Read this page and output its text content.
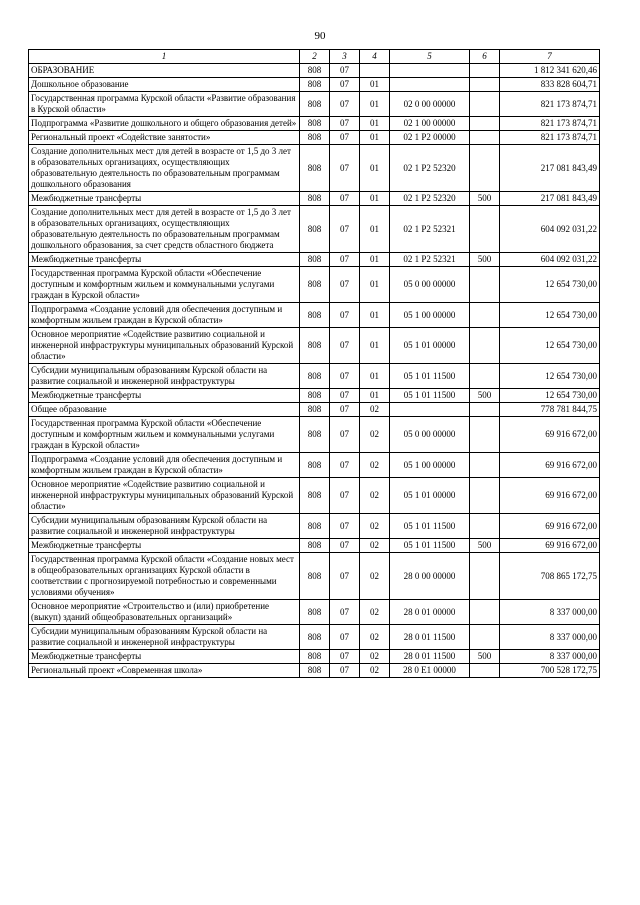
90
1	2	3	4	5	6	7
ОБРАЗОВАНИЕ	808	07				1 812 341 620,46
Дошкольное образование	808	07	01			833 828 604,71
Государственная программа Курской области «Развитие образования в Курской области»	808	07	01	02 0 00 00000		821 173 874,71
Подпрограмма «Развитие дошкольного и общего образования детей»	808	07	01	02 1 00 00000		821 173 874,71
Региональный проект «Содействие занятости»	808	07	01	02 1 P2 00000		821 173 874,71
Создание дополнительных мест для детей в возрасте от 1,5 до 3 лет в образовательных организациях, осуществляющих образовательную деятельность по образовательным программам дошкольного образования	808	07	01	02 1 P2 52320		217 081 843,49
Межбюджетные трансферты	808	07	01	02 1 P2 52320	500	217 081 843,49
Создание дополнительных мест для детей в возрасте от 1,5 до 3 лет в образовательных организациях, осуществляющих образовательную деятельность по образовательным программам дошкольного образования, за счет средств областного бюджета	808	07	01	02 1 P2 52321		604 092 031,22
Межбюджетные трансферты	808	07	01	02 1 P2 52321	500	604 092 031,22
Государственная программа Курской области «Обеспечение доступным и комфортным жильем и коммунальными услугами граждан в Курской области»	808	07	01	05 0 00 00000		12 654 730,00
Подпрограмма «Создание условий для обеспечения доступным и комфортным жильем граждан в Курской области»	808	07	01	05 1 00 00000		12 654 730,00
Основное мероприятие «Содействие развитию социальной и инженерной инфраструктуры муниципальных образований Курской области»	808	07	01	05 1 01 00000		12 654 730,00
Субсидии муниципальным образованиям Курской области на развитие социальной и инженерной инфраструктуры	808	07	01	05 1 01 11500		12 654 730,00
Межбюджетные трансферты	808	07	01	05 1 01 11500	500	12 654 730,00
Общее образование	808	07	02			778 781 844,75
Государственная программа Курской области «Обеспечение доступным и комфортным жильем и коммунальными услугами граждан в Курской области»	808	07	02	05 0 00 00000		69 916 672,00
Подпрограмма «Создание условий для обеспечения доступным и комфортным жильем граждан в Курской области»	808	07	02	05 1 00 00000		69 916 672,00
Основное мероприятие «Содействие развитию социальной и инженерной инфраструктуры муниципальных образований Курской области»	808	07	02	05 1 01 00000		69 916 672,00
Субсидии муниципальным образованиям Курской области на развитие социальной и инженерной инфраструктуры	808	07	02	05 1 01 11500		69 916 672,00
Межбюджетные трансферты	808	07	02	05 1 01 11500	500	69 916 672,00
Государственная программа Курской области «Создание новых мест в общеобразовательных организациях Курской области в соответствии с прогнозируемой потребностью и современными условиями обучения»	808	07	02	28 0 00 00000		708 865 172,75
Основное мероприятие «Строительство и (или) приобретение (выкуп) зданий общеобразовательных организаций»	808	07	02	28 0 01 00000		8 337 000,00
Субсидии муниципальным образованиям Курской области на развитие социальной и инженерной инфраструктуры	808	07	02	28 0 01 11500		8 337 000,00
Межбюджетные трансферты	808	07	02	28 0 01 11500	500	8 337 000,00
Региональный проект «Современная школа»	808	07	02	28 0 E1 00000		700 528 172,75
